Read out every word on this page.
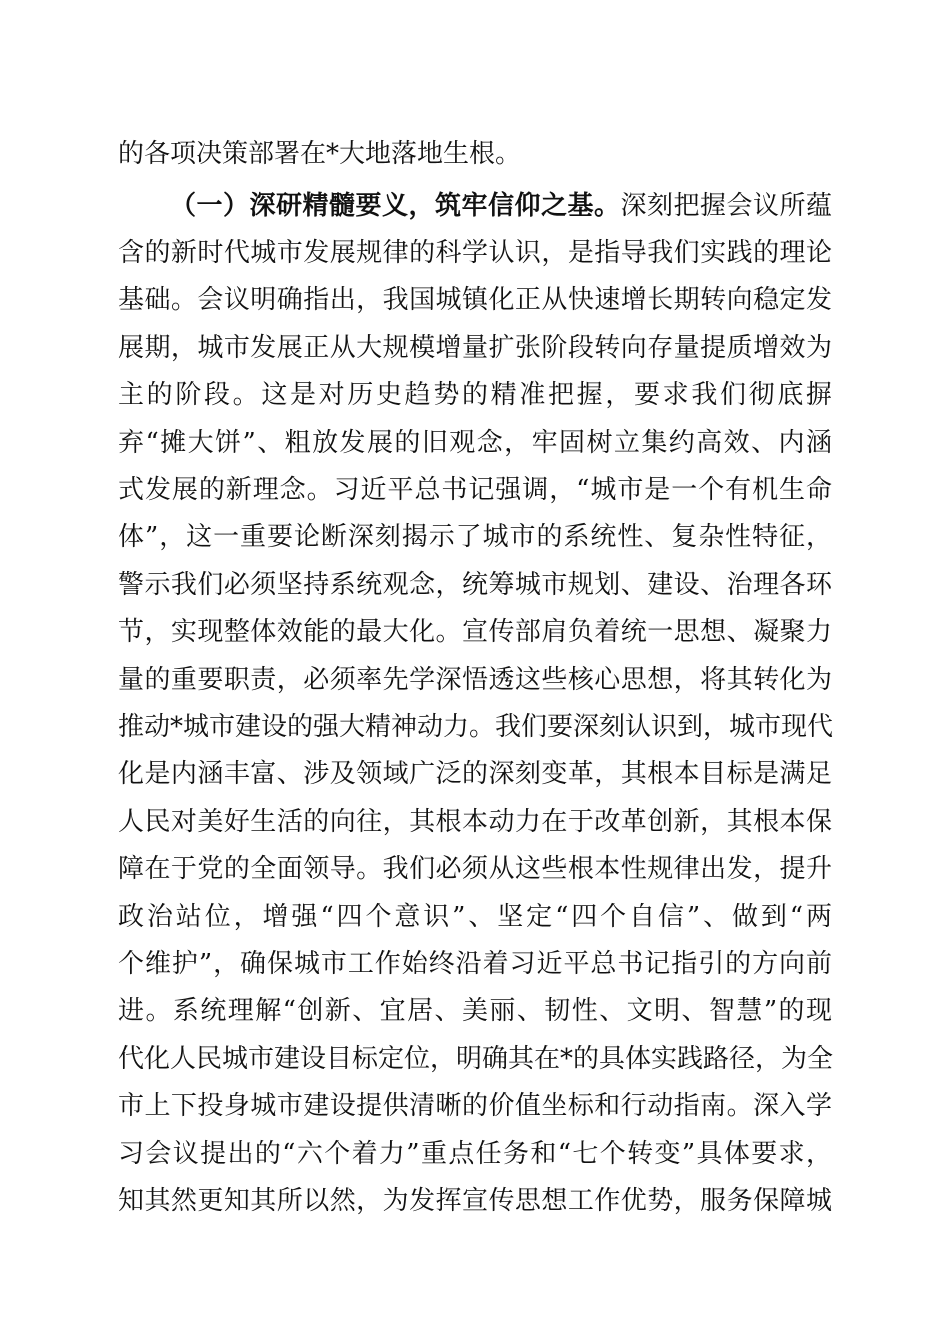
的各项决策部署在*大地落地生根。
（一）深研精髓要义，筑牢信仰之基。深刻把握会议所蕴
含的新时代城市发展规律的科学认识，是指导我们实践的理论
基础。会议明确指出，我国城镇化正从快速增长期转向稳定发
展期，城市发展正从大规模增量扩张阶段转向存量提质增效为
主的阶段。这是对历史趋势的精准把握，要求我们彻底摒
弃“摊大饼”、粗放发展的旧观念，牢固树立集约高效、内涵
式发展的新理念。习近平总书记强调，“城市是一个有机生命
体”，这一重要论断深刻揭示了城市的系统性、复杂性特征，
警示我们必须坚持系统观念，统筹城市规划、建设、治理各环
节，实现整体效能的最大化。宣传部肩负着统一思想、凝聚力
量的重要职责，必须率先学深悟透这些核心思想，将其转化为
推动*城市建设的强大精神动力。我们要深刻认识到，城市现代
化是内涵丰富、涉及领域广泛的深刻变革，其根本目标是满足
人民对美好生活的向往，其根本动力在于改革创新，其根本保
障在于党的全面领导。我们必须从这些根本性规律出发，提升
政治站位，增强“四个意识”、坚定“四个自信”、做到“两
个维护”，确保城市工作始终沿着习近平总书记指引的方向前
进。系统理解“创新、宜居、美丽、韧性、文明、智慧”的现
代化人民城市建设目标定位，明确其在*的具体实践路径，为全
市上下投身城市建设提供清晰的价值坐标和行动指南。深入学
习会议提出的“六个着力”重点任务和“七个转变”具体要求，
知其然更知其所以然，为发挥宣传思想工作优势，服务保障城
